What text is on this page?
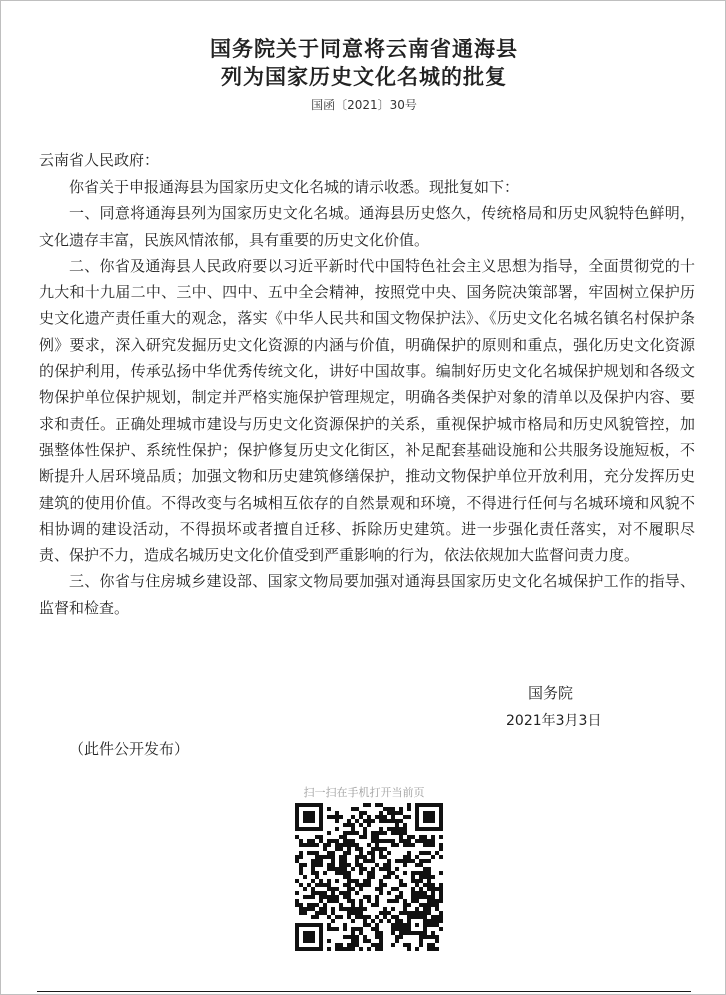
国务院关于同意将云南省通海县
列为国家历史文化名城的批复
国函〔2021〕30号
云南省人民政府：

你省关于申报通海县为国家历史文化名城的请示收悉。现批复如下：

一、同意将通海县列为国家历史文化名城。通海县历史悠久，传统格局和历史风貌特色鲜明，文化遗存丰富，民族风情浓郁，具有重要的历史文化价值。

二、你省及通海县人民政府要以习近平新时代中国特色社会主义思想为指导，全面贯彻党的十九大和十九届二中、三中、四中、五中全会精神，按照党中央、国务院决策部署，牢固树立保护历史文化遗产责任重大的观念，落实《中华人民共和国文物保护法》、《历史文化名城名镇名村保护条例》要求，深入研究发掘历史文化资源的内涵与价值，明确保护的原则和重点，强化历史文化资源的保护利用，传承弘扬中华优秀传统文化，讲好中国故事。编制好历史文化名城保护规划和各级文物保护单位保护规划，制定并严格实施保护管理规定，明确各类保护对象的清单以及保护内容、要求和责任。正确处理城市建设与历史文化资源保护的关系，重视保护城市格局和历史风貌管控，加强整体性保护、系统性保护；保护修复历史文化街区，补足配套基础设施和公共服务设施短板，不断提升人居环境品质；加强文物和历史建筑修缮保护，推动文物保护单位开放利用，充分发挥历史建筑的使用价值。不得改变与名城相互依存的自然景观和环境，不得进行任何与名城环境和风貌不相协调的建设活动，不得损坏或者擅自迁移、拆除历史建筑。进一步强化责任落实，对不履职尽责、保护不力，造成名城历史文化价值受到严重影响的行为，依法依规加大监督问责力度。

三、你省与住房城乡建设部、国家文物局要加强对通海县国家历史文化名城保护工作的指导、监督和检查。

国务院
2021年3月3日
（此件公开发布）
扫一扫在手机打开当前页
